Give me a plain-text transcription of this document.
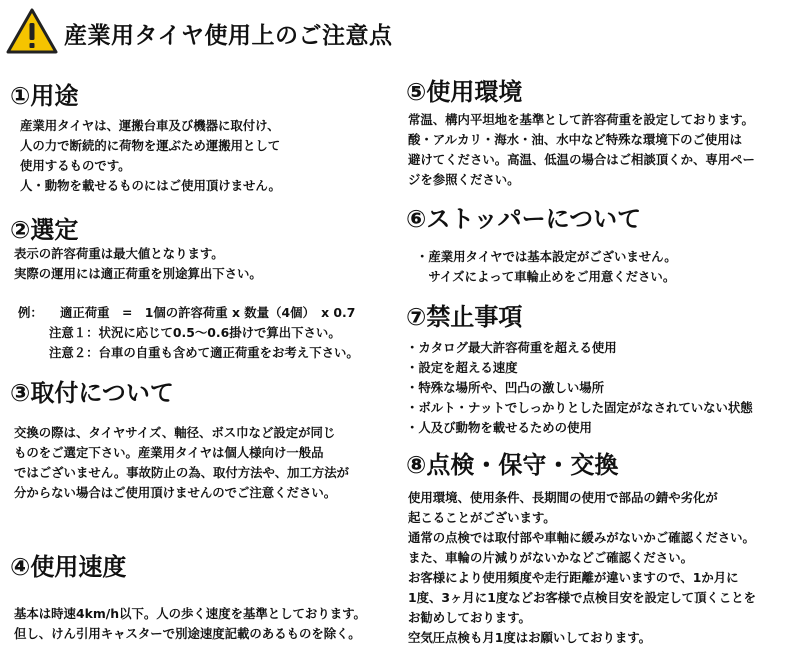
産業用タイヤ使用上のご注意点
①用途
産業用タイヤは、運搬台車及び機器に取付け、
人の力で断続的に荷物を運ぶため運搬用として
使用するものです。
人・動物を載せるものにはご使用頂けません。
②選定
表示の許容荷重は最大値となります。
実際の運用には適正荷重を別途算出下さい。
例：	適正荷重　=　1個の許容荷重 x 数量（4個）　x 0.7
注意１：状況に応じて0.5～0.6掛けで算出下さい。
注意２：台車の自重も含めて適正荷重をお考え下さい。
③取付について
交換の際は、タイヤサイズ、軸径、ボス巾など設定が同じ
ものをご選定下さい。産業用タイヤは個人様向け一般品
ではございません。事故防止の為、取付方法や、加工方法が
分からない場合はご使用頂けませんのでご注意ください。
④使用速度
基本は時速4km/h以下。人の歩く速度を基準としております。
但し、けん引用キャスターで別途速度記載のあるものを除く。
⑤使用環境
常温、構内平坦地を基準として許容荷重を設定しております。
酸・アルカリ・海水・油、水中など特殊な環境下のご使用は
避けてください。高温、低温の場合はご相談頂くか、専用ペー
ジを参照ください。
⑥ストッパーについて
・産業用タイヤでは基本設定がございません。
　サイズによって車輪止めをご用意ください。
⑦禁止事項
・カタログ最大許容荷重を超える使用
・設定を超える速度
・特殊な場所や、凹凸の激しい場所
・ボルト・ナットでしっかりとした固定がなされていない状態
・人及び動物を載せるための使用
⑧点検・保守・交換
使用環境、使用条件、長期間の使用で部品の錆や劣化が
起こることがございます。
通常の点検では取付部や車軸に緩みがないかご確認ください。
また、車輪の片減りがないかなどご確認ください。
お客様により使用頻度や走行距離が違いますので、1か月に
1度、3ヶ月に1度などお客様で点検目安を設定して頂くことを
お勧めしております。
空気圧点検も月1度はお願いしております。
